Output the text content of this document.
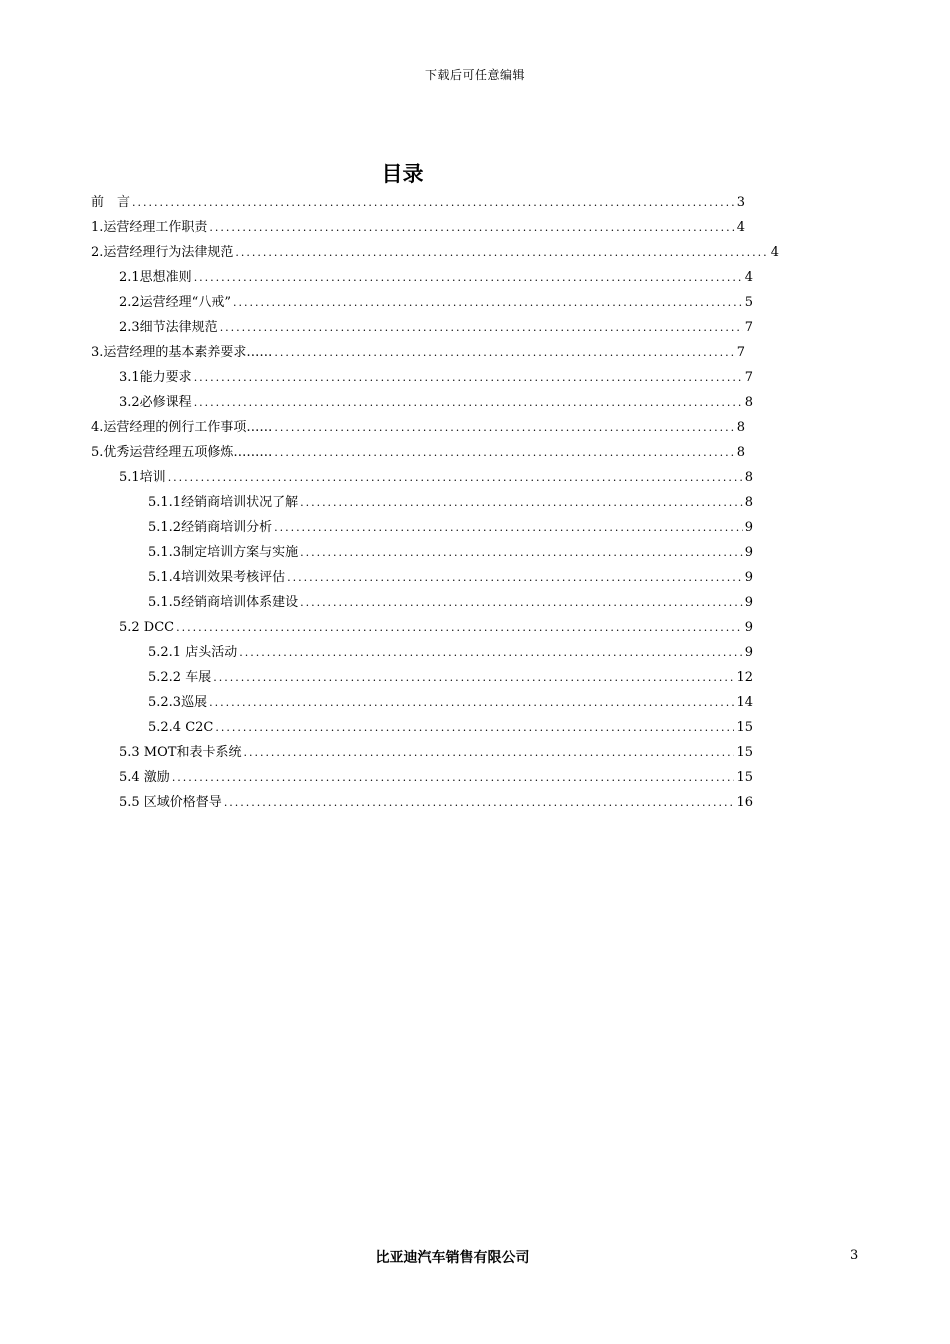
下载后可任意编辑
目录
前　言 .....	3
1.运营经理工作职责 .....	4
2.运营经理行为法律规范 .....	4
2.1思想准则 .....	4
2.2运营经理“八戒” .....	5
2.3细节法律规范 .....	7
3.运营经理的基本素养要求…… .....	7
3.1能力要求 .....	7
3.2必修课程 .....	8
4.运营经理的例行工作事项…… .....	8
5.优秀运营经理五项修炼……… .....	8
5.1培训 .....	8
5.1.1经销商培训状况了解 .....	8
5.1.2经销商培训分析 .....	9
5.1.3制定培训方案与实施 .....	9
5.1.4培训效果考核评估 .....	9
5.1.5经销商培训体系建设 .....	9
5.2 DCC .....	9
5.2.1 店头活动 .....	9
5.2.2 车展 .....	12
5.2.3巡展 .....	14
5.2.4 C2C .....	15
5.3 MOT和表卡系统 .....	15
5.4 激励 .....	15
5.5 区域价格督导 .....	16
比亚迪汽车销售有限公司	3
